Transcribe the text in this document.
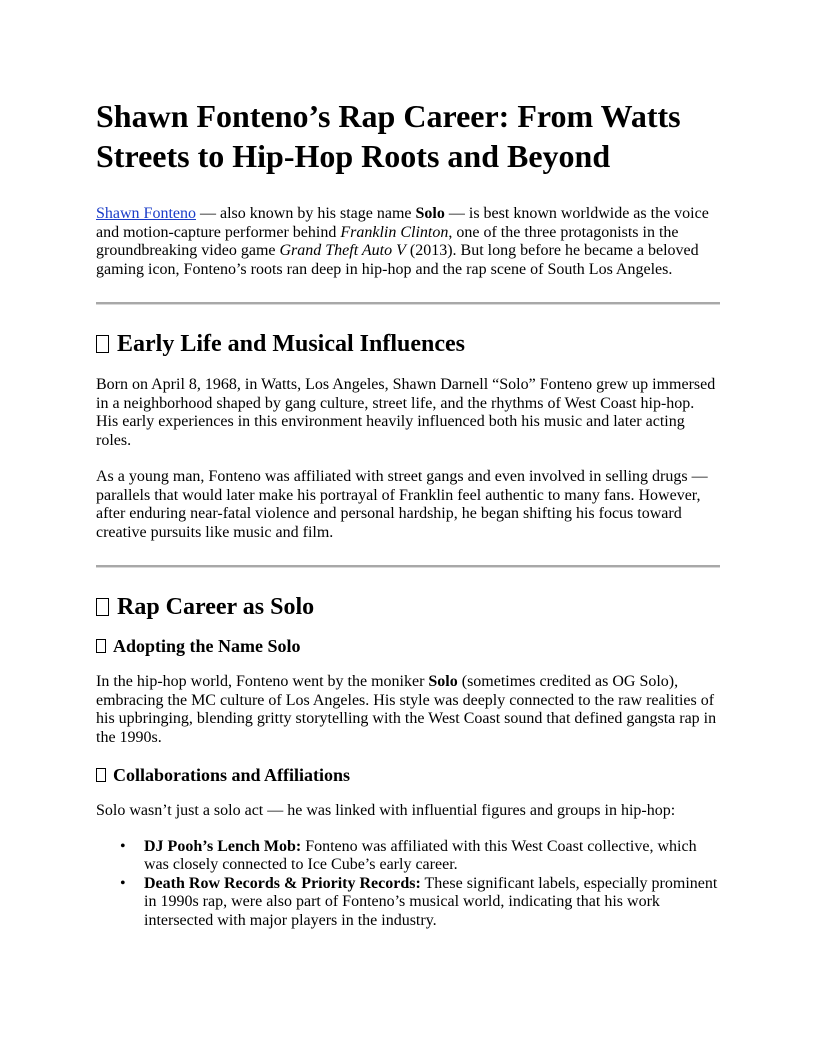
Shawn Fonteno’s Rap Career: From Watts Streets to Hip-Hop Roots and Beyond

Shawn Fonteno — also known by his stage name Solo — is best known worldwide as the voice and motion-capture performer behind Franklin Clinton, one of the three protagonists in the groundbreaking video game Grand Theft Auto V (2013). But long before he became a beloved gaming icon, Fonteno’s roots ran deep in hip-hop and the rap scene of South Los Angeles.

Early Life and Musical Influences

Born on April 8, 1968, in Watts, Los Angeles, Shawn Darnell “Solo” Fonteno grew up immersed in a neighborhood shaped by gang culture, street life, and the rhythms of West Coast hip-hop. His early experiences in this environment heavily influenced both his music and later acting roles.

As a young man, Fonteno was affiliated with street gangs and even involved in selling drugs — parallels that would later make his portrayal of Franklin feel authentic to many fans. However, after enduring near-fatal violence and personal hardship, he began shifting his focus toward creative pursuits like music and film.

Rap Career as Solo
Adopting the Name Solo

In the hip-hop world, Fonteno went by the moniker Solo (sometimes credited as OG Solo), embracing the MC culture of Los Angeles. His style was deeply connected to the raw realities of his upbringing, blending gritty storytelling with the West Coast sound that defined gangsta rap in the 1990s.

Collaborations and Affiliations

Solo wasn’t just a solo act — he was linked with influential figures and groups in hip-hop:

• DJ Pooh’s Lench Mob: Fonteno was affiliated with this West Coast collective, which was closely connected to Ice Cube’s early career.
• Death Row Records & Priority Records: These significant labels, especially prominent in 1990s rap, were also part of Fonteno’s musical world, indicating that his work intersected with major players in the industry.
